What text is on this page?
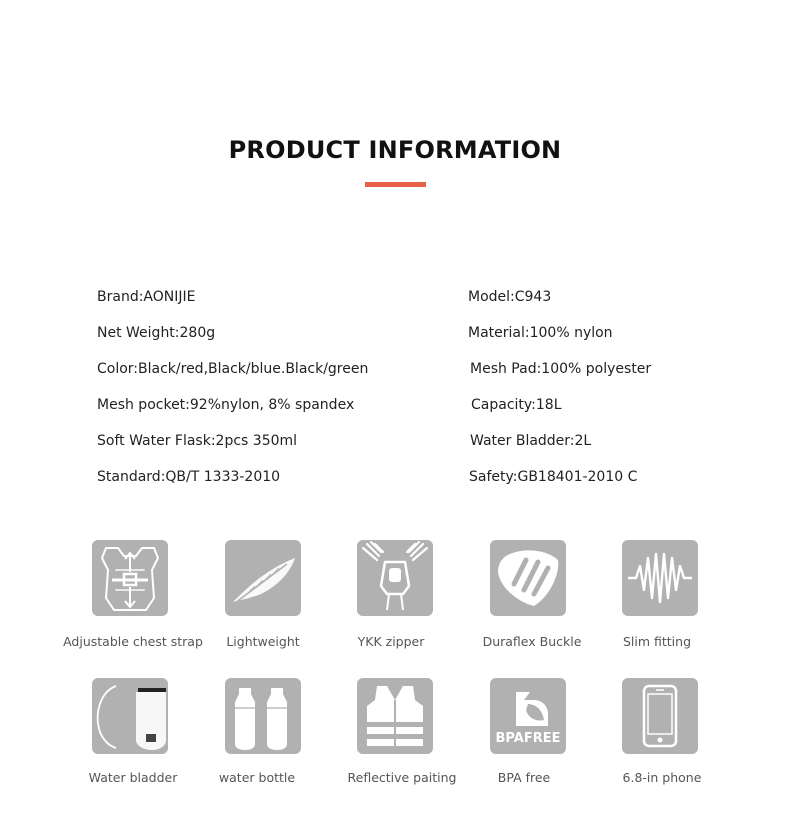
PRODUCT INFORMATION
Brand:AONIJIE
Net Weight:280g
Color:Black/red,Black/blue.Black/green
Mesh pocket:92%nylon, 8% spandex
Soft Water Flask:2pcs 350ml
Standard:QB/T 1333-2010
Model:C943
Material:100% nylon
Mesh Pad:100% polyester
Capacity:18L
Water Bladder:2L
Safety:GB18401-2010 C
Adjustable chest strap	Lightweight	YKK zipper	Duraflex Buckle	Slim fitting
BPAFREE
Water bladder	water bottle	Reflective paiting	BPA free	6.8-in phone
